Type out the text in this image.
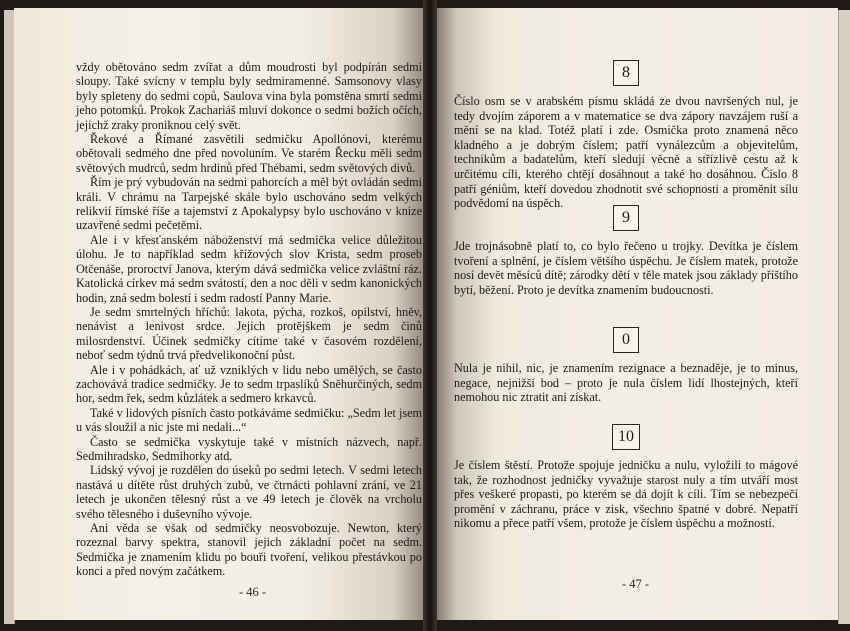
vždy obětováno sedm zvířat a dům moudrosti byl podpírán sedmi sloupy. Také svícny v templu byly sedmiramenné. Samsonovy vlasy byly spleteny do sedmi copů, Saulova vina byla pomstěna smrtí sedmi jeho potomků. Prokok Zachariáš mluví dokonce o sedmi božích očích, jejichž zraky proniknou celý svět.

Řekové a Římané zasvětili sedmičku Apollónovi, kterému obětovali sedmého dne před novoluním. Ve starém Řecku měli sedm světových mudrců, sedm hrdinů před Thébami, sedm světových divů.

Řím je prý vybudován na sedmi pahorcích a měl být ovládán sedmi králi. V chrámu na Tarpejské skále bylo uschováno sedm velkých relikvií římské říše a tajemství z Apokalypsy bylo uschováno v knize uzavřené sedmi pečetěmi.

Ale i v křesťanském náboženství má sedmička velice důležitou úlohu. Je to například sedm křížových slov Krista, sedm proseb Otčenáše, proroctví Janova, kterým dává sedmička velice zvláštní ráz. Katolická církev má sedm svátostí, den a noc děli v sedm kanonických hodin, zná sedm bolestí i sedm radostí Panny Marie.

Je sedm smrtelných hříchů: lakota, pýcha, rozkoš, opilství, hněv, nenávist a lenivost srdce. Jejich protějškem je sedm činů milosrdenství. Účinek sedmičky cítíme také v časovém rozdělení, neboť sedm týdnů trvá předvelikonoční půst.

Ale i v pohádkách, ať už vzniklých v lidu nebo umělých, se často zachovává tradice sedmičky. Je to sedm trpaslíků Sněhurčiných, sedm hor, sedm řek, sedm kůzlátek a sedmero krkavců.

Také v lidových písních často potkáváme sedmičku: „Sedm let jsem u vás sloužil a nic jste mi nedali...“

Často se sedmička vyskytuje také v místních názvech, např. Sedmihradsko, Sedmihorky atd.

Lidský vývoj je rozdělen do úseků po sedmi letech. V sedmi letech nastává u dítěte růst druhých zubů, ve čtrnácti pohlavní zrání, ve 21 letech je ukončen tělesný růst a ve 49 letech je člověk na vrcholu svého tělesného i duševního vývoje.

Ani věda se však od sedmičky neosvobozuje. Newton, který rozeznal barvy spektra, stanovil jejich základní počet na sedm. Sedmička je znamením klidu po bouři tvoření, velikou přestávkou po konci a před novým začátkem.

- 46 -
8
Číslo osm se v arabském písmu skládá ze dvou navršených nul, je tedy dvojím záporem a v matematice se dva zápory navzájem ruší a mění se na klad. Totéž platí i zde. Osmička proto znamená něco kladného a je dobrým číslem; patří vynálezcům a objevitelům, technikům a badatelům, kteří sledují věcně a střízlivě cestu až k určitému cíli, kterého chtějí dosáhnout a také ho dosáhnou. Číslo 8 patří géniům, kteří dovedou zhodnotit své schopnosti a proměnit sílu podvědomí na úspěch.
9
Jde trojnásobně platí to, co bylo řečeno u trojky. Devítka je číslem tvoření a splnění, je číslem většího úspěchu. Je číslem matek, protože nosí devět měsíců dítě; zárodky dětí v těle matek jsou základy příštího bytí, běžení. Proto je devítka znamením budoucnosti.
0
Nula je nihil, nic, je znamením rezignace a beznaděje, je to minus, negace, nejnižší bod – proto je nula číslem lidí lhostejných, kteří nemohou nic ztratit ani získat.
10
Je číslem štěstí. Protože spojuje jedničku a nulu, vyložili to mágové tak, že rozhodnost jedničky vyvažuje starost nuly a tím utváří most přes veškeré propasti, po kterém se dá dojít k cíli. Tím se nebezpečí promění v záchranu, práce v zisk, všechno špatné v dobré. Nepatří nikomu a přece patří všem, protože je číslem úspěchu a možností.
- 47 -
